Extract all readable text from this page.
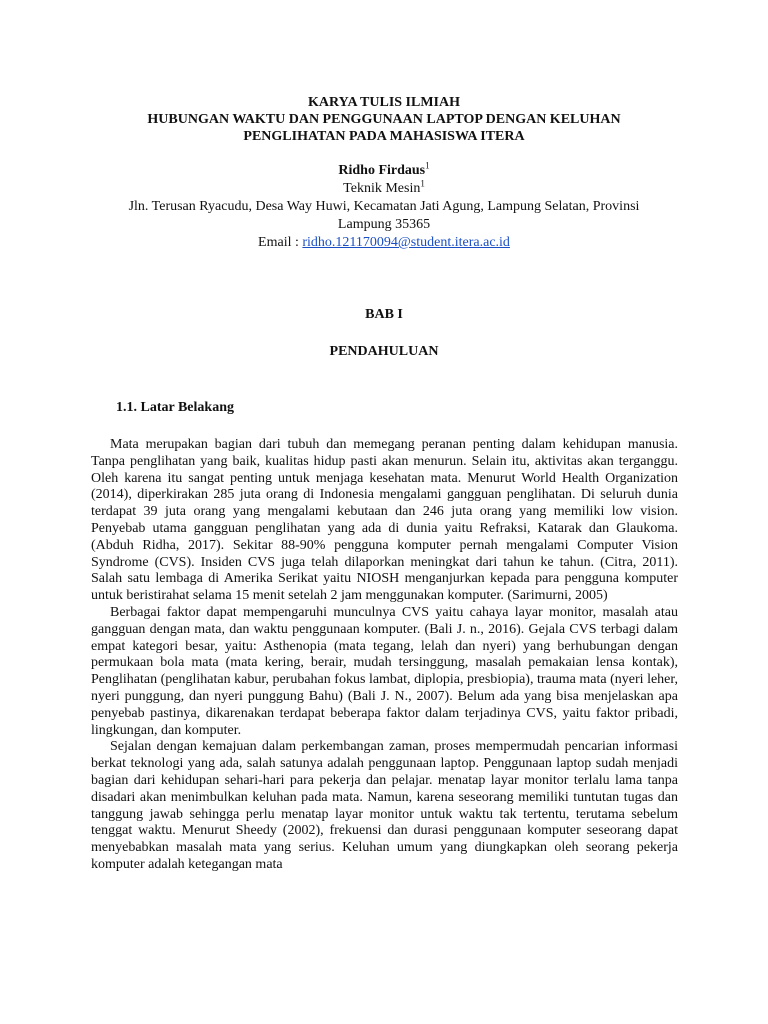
KARYA TULIS ILMIAH
HUBUNGAN WAKTU DAN PENGGUNAAN LAPTOP DENGAN KELUHAN
PENGLIHATAN PADA MAHASISWA ITERA
Ridho Firdaus$^1$
Teknik Mesin$^1$
Jln. Terusan Ryacudu, Desa Way Huwi, Kecamatan Jati Agung, Lampung Selatan, Provinsi
Lampung 35365
Email : ridho.121170094@student.itera.ac.id
BAB I
PENDAHULUAN
1.1. Latar Belakang

Mata merupakan bagian dari tubuh dan memegang peranan penting dalam kehidupan manusia. Tanpa penglihatan yang baik, kualitas hidup pasti akan menurun. Selain itu, aktivitas akan terganggu. Oleh karena itu sangat penting untuk menjaga kesehatan mata. Menurut World Health Organization (2014), diperkirakan 285 juta orang di Indonesia mengalami gangguan penglihatan. Di seluruh dunia terdapat 39 juta orang yang mengalami kebutaan dan 246 juta orang yang memiliki low vision. Penyebab utama gangguan penglihatan yang ada di dunia yaitu Refraksi, Katarak dan Glaukoma. (Abduh Ridha, 2017). Sekitar 88-90% pengguna komputer pernah mengalami Computer Vision Syndrome (CVS). Insiden CVS juga telah dilaporkan meningkat dari tahun ke tahun. (Citra, 2011). Salah satu lembaga di Amerika Serikat yaitu NIOSH menganjurkan kepada para pengguna komputer untuk beristirahat selama 15 menit setelah 2 jam menggunakan komputer. (Sarimurni, 2005)

Berbagai faktor dapat mempengaruhi munculnya CVS yaitu cahaya layar monitor, masalah atau gangguan dengan mata, dan waktu penggunaan komputer. (Bali J. n., 2016). Gejala CVS terbagi dalam empat kategori besar, yaitu: Asthenopia (mata tegang, lelah dan nyeri) yang berhubungan dengan permukaan bola mata (mata kering, berair, mudah tersinggung, masalah pemakaian lensa kontak), Penglihatan (penglihatan kabur, perubahan fokus lambat, diplopia, presbiopia), trauma mata (nyeri leher, nyeri punggung, dan nyeri punggung Bahu) (Bali J. N., 2007). Belum ada yang bisa menjelaskan apa penyebab pastinya, dikarenakan terdapat beberapa faktor dalam terjadinya CVS, yaitu faktor pribadi, lingkungan, dan komputer.

Sejalan dengan kemajuan dalam perkembangan zaman, proses mempermudah pencarian informasi berkat teknologi yang ada, salah satunya adalah penggunaan laptop. Penggunaan laptop sudah menjadi bagian dari kehidupan sehari-hari para pekerja dan pelajar. menatap layar monitor terlalu lama tanpa disadari akan menimbulkan keluhan pada mata. Namun, karena seseorang memiliki tuntutan tugas dan tanggung jawab sehingga perlu menatap layar monitor untuk waktu tak tertentu, terutama sebelum tenggat waktu. Menurut Sheedy (2002), frekuensi dan durasi penggunaan komputer seseorang dapat menyebabkan masalah mata yang serius. Keluhan umum yang diungkapkan oleh seorang pekerja komputer adalah ketegangan mata
